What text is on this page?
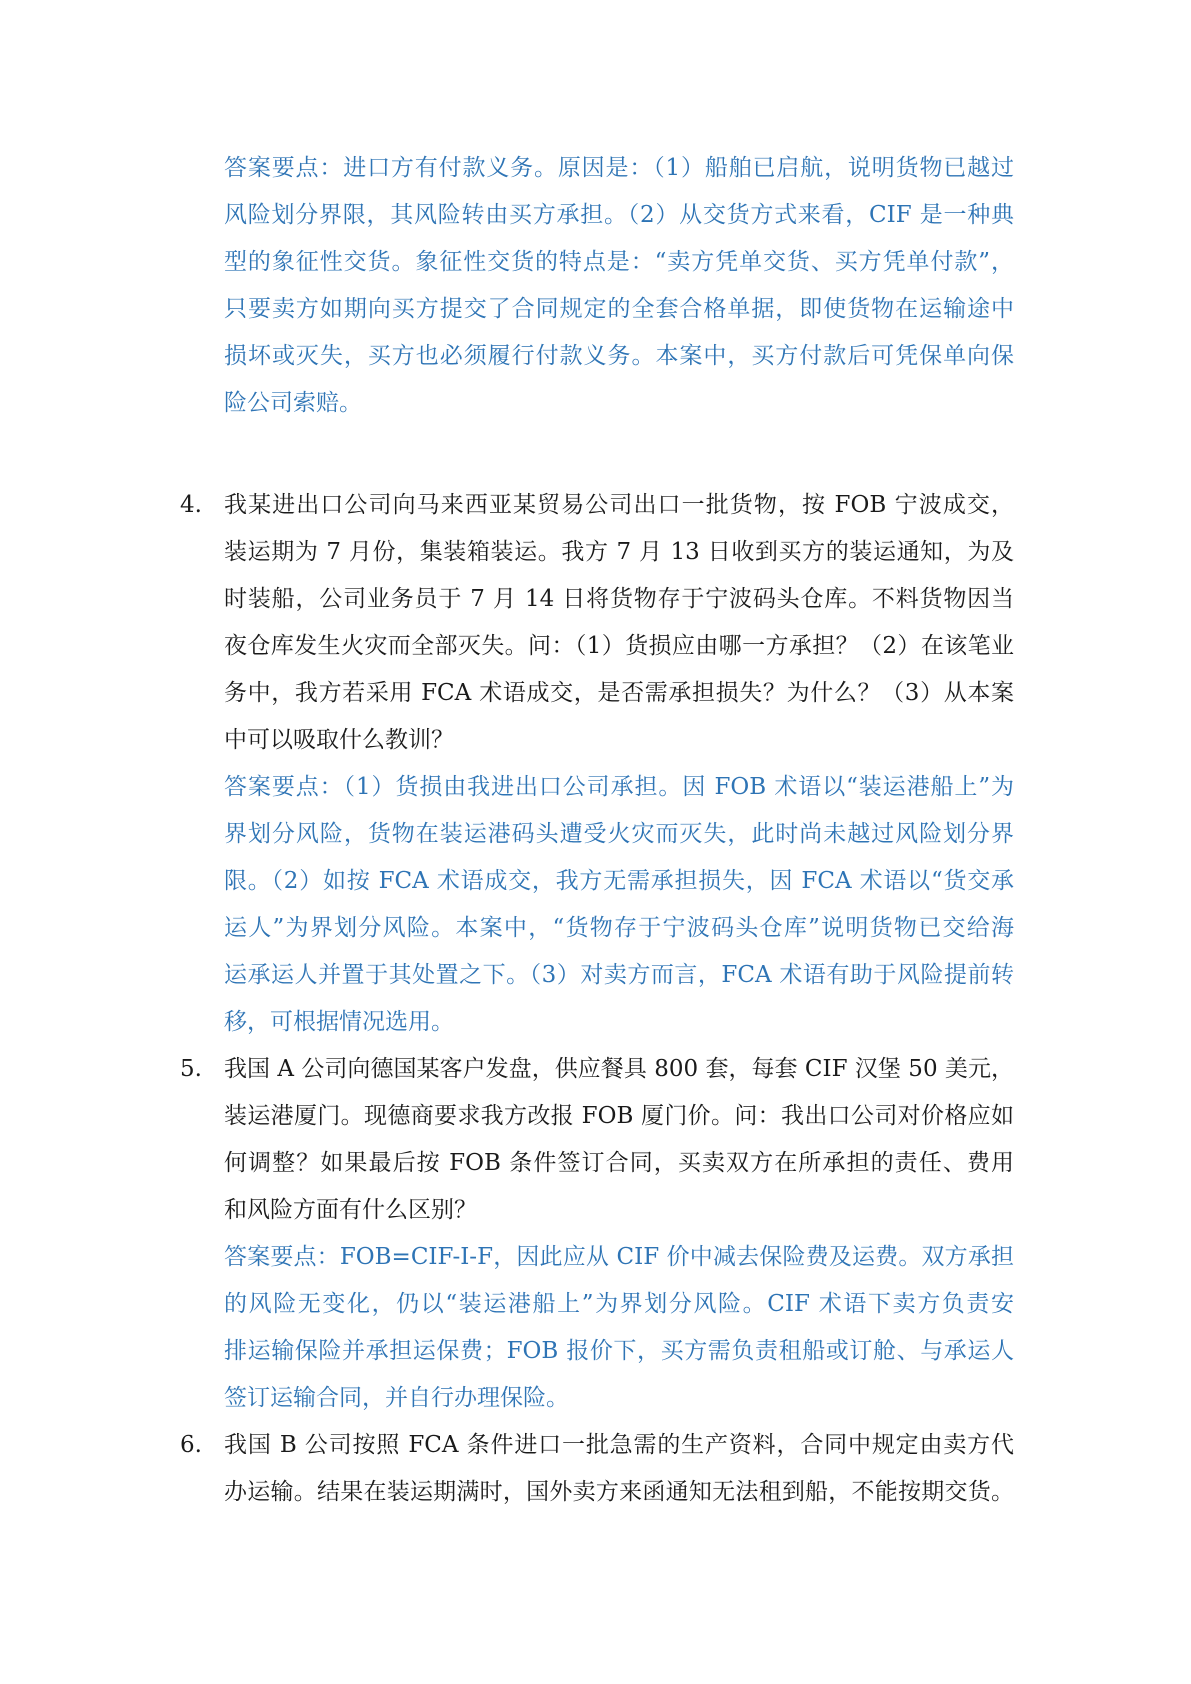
答案要点：进口方有付款义务。原因是：（1）船舶已启航，说明货物已越过
风险划分界限，其风险转由买方承担。（2）从交货方式来看，CIF 是一种典
型的象征性交货。象征性交货的特点是：“卖方凭单交货、买方凭单付款”，
只要卖方如期向买方提交了合同规定的全套合格单据，即使货物在运输途中
损坏或灭失，买方也必须履行付款义务。本案中，买方付款后可凭保单向保
险公司索赔。
4. 我某进出口公司向马来西亚某贸易公司出口一批货物，按 FOB 宁波成交，
装运期为 7 月份，集装箱装运。我方 7 月 13 日收到买方的装运通知，为及
时装船，公司业务员于 7 月 14 日将货物存于宁波码头仓库。不料货物因当
夜仓库发生火灾而全部灭失。问：（1）货损应由哪一方承担？（2）在该笔业
务中，我方若采用 FCA 术语成交，是否需承担损失？为什么？（3）从本案
中可以吸取什么教训？
答案要点：（1）货损由我进出口公司承担。因 FOB 术语以“装运港船上”为
界划分风险，货物在装运港码头遭受火灾而灭失，此时尚未越过风险划分界
限。（2）如按 FCA 术语成交，我方无需承担损失，因 FCA 术语以“货交承
运人”为界划分风险。本案中，“货物存于宁波码头仓库”说明货物已交给海
运承运人并置于其处置之下。（3）对卖方而言，FCA 术语有助于风险提前转
移，可根据情况选用。
5. 我国 A 公司向德国某客户发盘，供应餐具 800 套，每套 CIF 汉堡 50 美元，
装运港厦门。现德商要求我方改报 FOB 厦门价。问：我出口公司对价格应如
何调整？如果最后按 FOB 条件签订合同，买卖双方在所承担的责任、费用
和风险方面有什么区别？
答案要点：FOB=CIF-I-F，因此应从 CIF 价中减去保险费及运费。双方承担
的风险无变化，仍以“装运港船上”为界划分风险。CIF 术语下卖方负责安
排运输保险并承担运保费；FOB 报价下，买方需负责租船或订舱、与承运人
签订运输合同，并自行办理保险。
6. 我国 B 公司按照 FCA 条件进口一批急需的生产资料，合同中规定由卖方代
办运输。结果在装运期满时，国外卖方来函通知无法租到船，不能按期交货。
